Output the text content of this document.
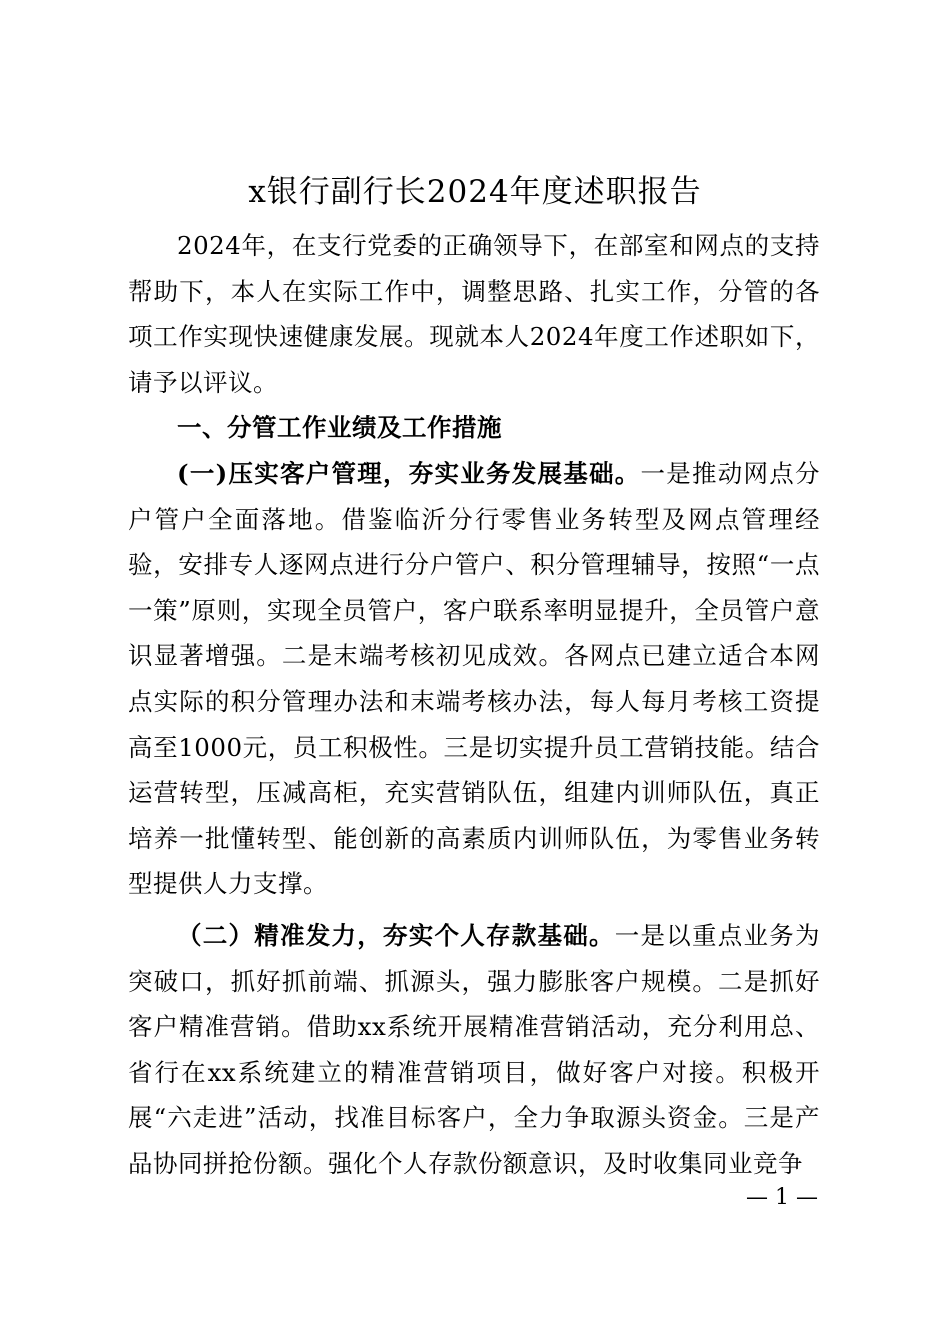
x银行副行长2024年度述职报告

2024年，在支行党委的正确领导下，在部室和网点的支持帮助下，本人在实际工作中，调整思路、扎实工作，分管的各项工作实现快速健康发展。现就本人2024年度工作述职如下，请予以评议。

一、分管工作业绩及工作措施

(一)压实客户管理，夯实业务发展基础。一是推动网点分户管户全面落地。借鉴临沂分行零售业务转型及网点管理经验，安排专人逐网点进行分户管户、积分管理辅导，按照“一点一策”原则，实现全员管户，客户联系率明显提升，全员管户意识显著增强。二是末端考核初见成效。各网点已建立适合本网点实际的积分管理办法和末端考核办法，每人每月考核工资提高至1000元，员工积极性。三是切实提升员工营销技能。结合运营转型，压减高柜，充实营销队伍，组建内训师队伍，真正培养一批懂转型、能创新的高素质内训师队伍，为零售业务转型提供人力支撑。

（二）精准发力，夯实个人存款基础。一是以重点业务为突破口，抓好抓前端、抓源头，强力膨胀客户规模。二是抓好客户精准营销。借助xx系统开展精准营销活动，充分利用总、省行在xx系统建立的精准营销项目，做好客户对接。积极开展“六走进”活动，找准目标客户，全力争取源头资金。三是产品协同拼抢份额。强化个人存款份额意识，及时收集同业竞争

— 1 —
